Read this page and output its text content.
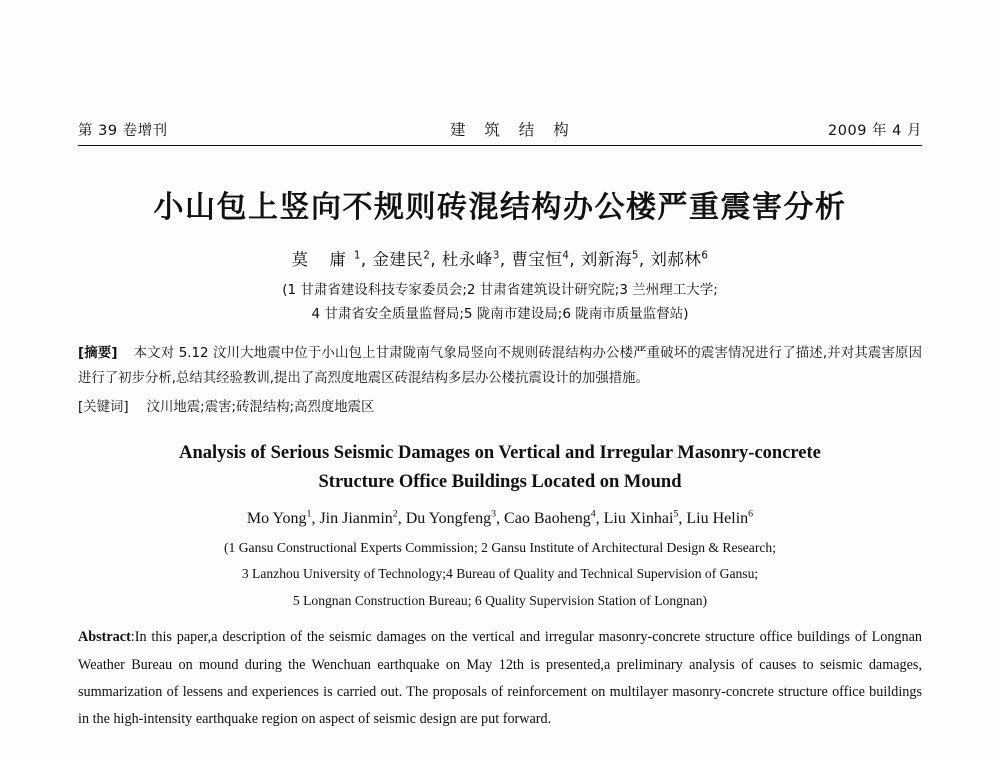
第 39 卷增刊	建 筑 结 构	2009 年 4 月
小山包上竖向不规则砖混结构办公楼严重震害分析
莫 庸$^1$, 金建民$^2$, 杜永峰$^3$, 曹宝恒$^4$, 刘新海$^5$, 刘郝林$^6$
(1 甘肃省建设科技专家委员会;2 甘肃省建筑设计研究院;3 兰州理工大学;
4 甘肃省安全质量监督局;5 陇南市建设局;6 陇南市质量监督站)
[摘要] 本文对 5.12 汶川大地震中位于小山包上甘肃陇南气象局竖向不规则砖混结构办公楼严重破坏的震害情况进行了描述,并对其震害原因进行了初步分析,总结其经验教训,提出了高烈度地震区砖混结构多层办公楼抗震设计的加强措施。
[关键词] 汶川地震;震害;砖混结构;高烈度地震区
Analysis of Serious Seismic Damages on Vertical and Irregular Masonry-concrete
Structure Office Buildings Located on Mound
Mo Yong$^1$, Jin Jianmin$^2$, Du Yongfeng$^3$, Cao Baoheng$^4$, Liu Xinhai$^5$, Liu Helin$^6$
(1 Gansu Constructional Experts Commission; 2 Gansu Institute of Architectural Design & Research;
3 Lanzhou University of Technology;4 Bureau of Quality and Technical Supervision of Gansu;
5 Longnan Construction Bureau; 6 Quality Supervision Station of Longnan)
Abstract:In this paper,a description of the seismic damages on the vertical and irregular masonry-concrete structure office buildings of Longnan Weather Bureau on mound during the Wenchuan earthquake on May 12th is presented,a preliminary analysis of causes to seismic damages, summarization of lessens and experiences is carried out. The proposals of reinforcement on multilayer masonry-concrete structure office buildings in the high-intensity earthquake region on aspect of seismic design are put forward.
